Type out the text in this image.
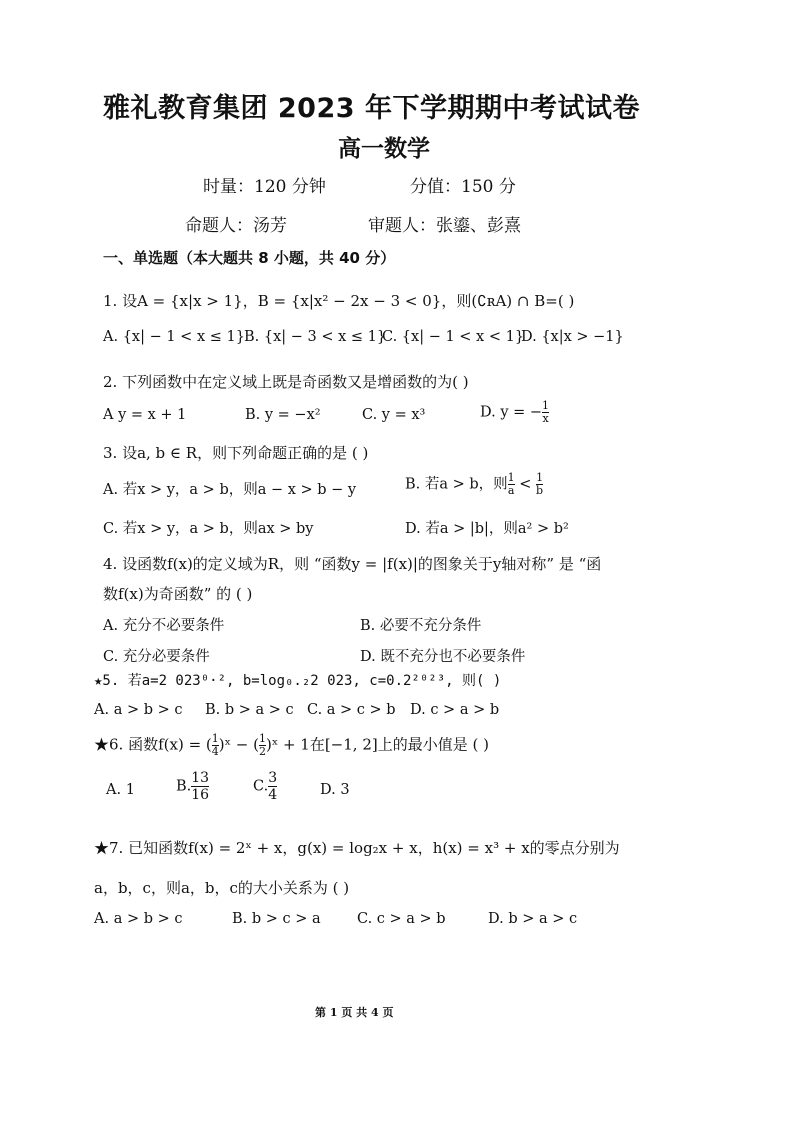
雅礼教育集团 2023 年下学期期中考试试卷
高一数学
时量：120 分钟	分值：150 分
命题人：汤芳	审题人：张鎏、彭熹
一、单选题（本大题共 8 小题，共 40 分）
1. 设A = {x|x > 1}，B = {x|x² − 2x − 3 < 0}，则(∁ʀA) ∩ B=( )
A. {x| − 1 < x ≤ 1} B. {x| − 3 < x ≤ 1}
C. {x| − 1 < x < 1}
D. {x|x > −1}
2. 下列函数中在定义域上既是奇函数又是增函数的为( )
A y = x + 1	B. y = −x²	C. y = x³	D. y = − $\frac{1}{x}$
3. 设a, b ∈ R，则下列命题正确的是 ( )
A. 若x > y，a > b，则a − x > b − y	B. 若a > b，则 $\frac{1}{a} < \frac{1}{b}$
C. 若x > y，a > b，则ax > by	D. 若a > |b|，则a² > b²
4. 设函数f(x)的定义域为R，则 “函数y = |f(x)|的图象关于y轴对称” 是 “函
数f(x)为奇函数” 的 ( )
A. 充分不必要条件	B. 必要不充分条件
C. 充分必要条件	D. 既不充分也不必要条件
★5. 若a=2 023⁰·², b=log₀.₂2 023, c=0.2²⁰²³, 则( )
A. a > b > c B. b > a > c C. a > c > b D. c > a > b
★6. 函数f(x) = ( $\frac{1}{4}$ )ˣ − ( $\frac{1}{2}$ )ˣ + 1在[−1, 2]上的最小值是 ( )
A. 1	B. $\frac{13}{16}$	C. $\frac{3}{4}$	D. 3
★7. 已知函数f(x) = 2ˣ + x，g(x) = log₂x + x，h(x) = x³ + x的零点分别为
a，b，c，则a，b，c的大小关系为 ( )
A. a > b > c	B. b > c > a	C. c > a > b	D. b > a > c
第 1 页 共 4 页
